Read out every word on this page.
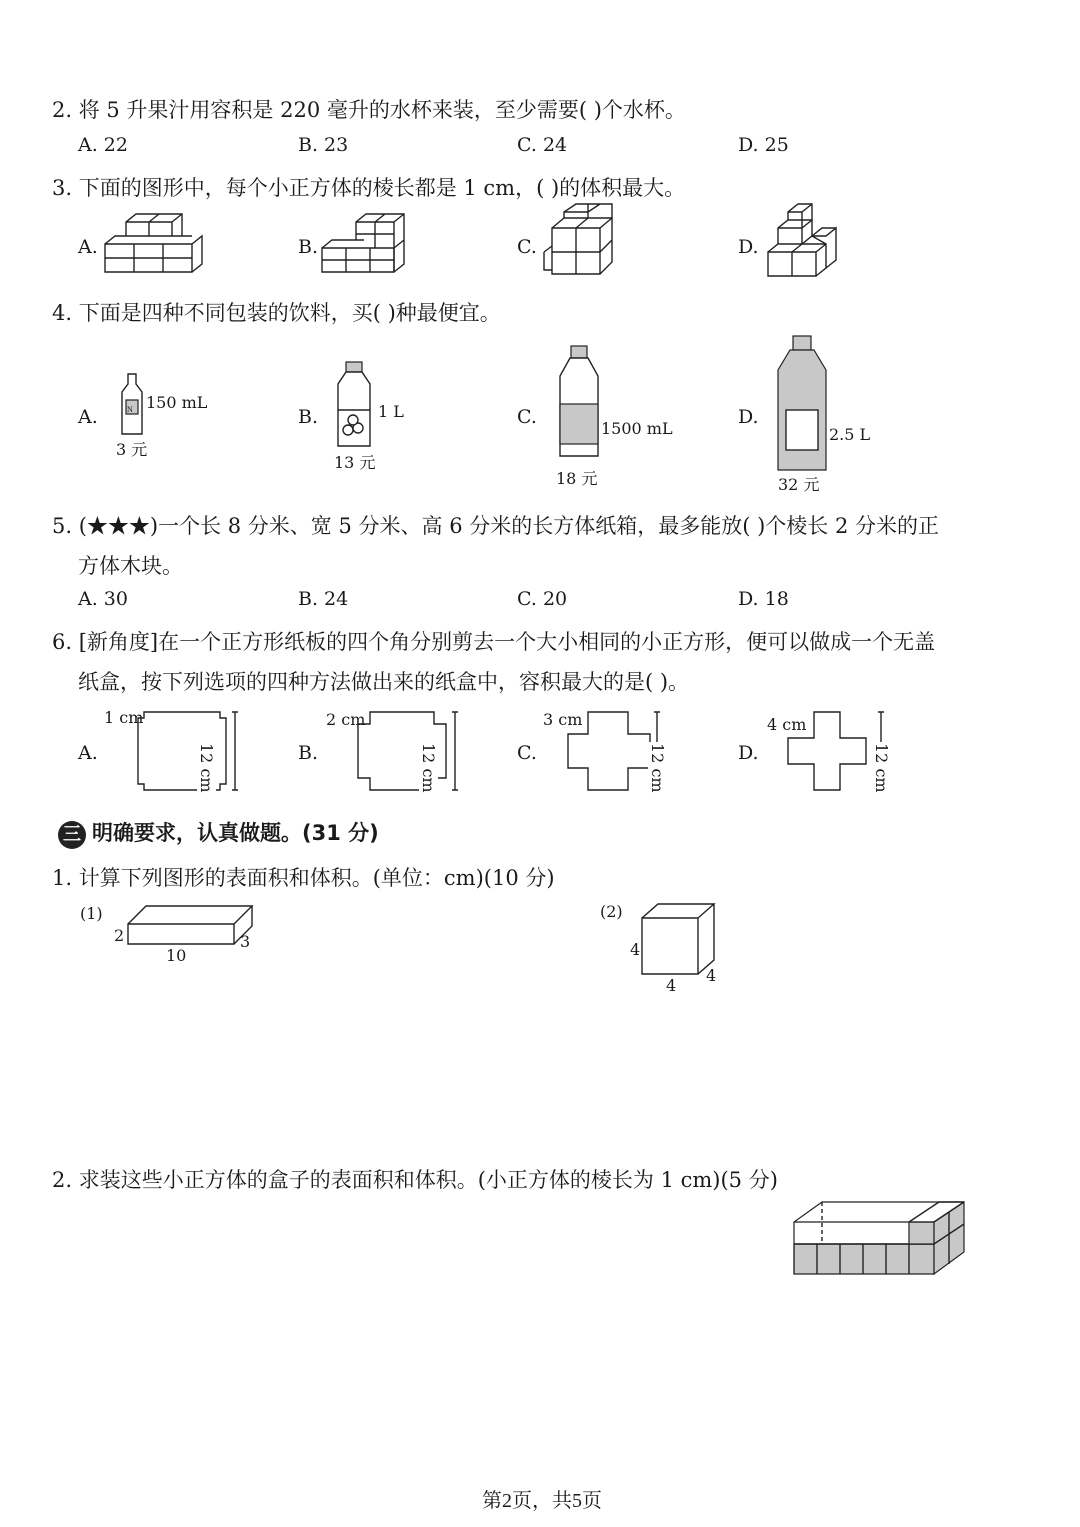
2. 将 5 升果汁用容积是 220 毫升的水杯来装，至少需要( )个水杯。
A. 22	B. 23	C. 24	D. 25
3. 下面的图形中，每个小正方体的棱长都是 1 cm，( )的体积最大。
A.	B.	C.	D.
4. 下面是四种不同包装的饮料，买( )种最便宜。
A.	B.	C.	D.
N 150 mL
3 元
1 L
13 元
1500 mL
18 元
2.5 L
32 元
5. (★★★)一个长 8 分米、宽 5 分米、高 6 分米的长方体纸箱，最多能放( )个棱长 2 分米的正
方体木块。
A. 30	B. 24	C. 20	D. 18
6. [新角度]在一个正方形纸板的四个角分别剪去一个大小相同的小正方形，便可以做成一个无盖
纸盒，按下列选项的四种方法做出来的纸盒中，容积最大的是( )。
A.	B.	C.	D.
1 cm	2 cm	3 cm	4 cm
12 cm	12 cm	12 cm	12 cm
三 明确要求，认真做题。(31 分)
1. 计算下列图形的表面积和体积。(单位：cm)(10 分)
(1)	(2)
2
10
3	4
4
4
2. 求装这些小正方体的盒子的表面积和体积。(小正方体的棱长为 1 cm)(5 分)
第2页，共5页
